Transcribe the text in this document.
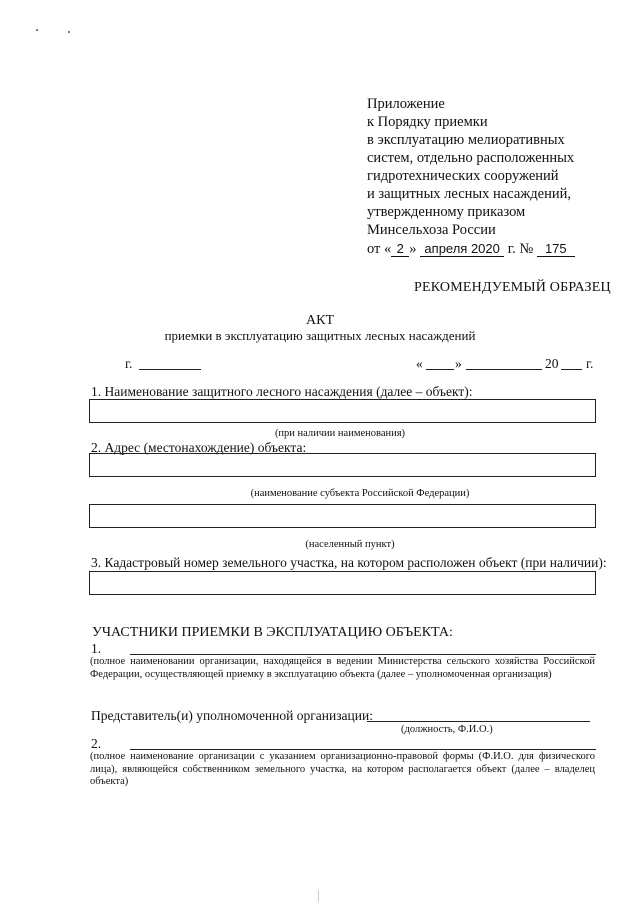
Приложение
к Порядку приемки
в эксплуатацию мелиоративных
систем, отдельно расположенных
гидротехнических сооружений
и защитных лесных насаждений,
утвержденному приказом
Минсельхоза России
от « 2 » апреля 2020 г. № 175
РЕКОМЕНДУЕМЫЙ ОБРАЗЕЦ
АКТ
приемки в эксплуатацию защитных лесных насаждений
г.	« »	20 г.
1. Наименование защитного лесного насаждения (далее – объект):
(при наличии наименования)
2. Адрес (местонахождение) объекта:
(наименование субъекта Российской Федерации)
(населенный пункт)
3. Кадастровый номер земельного участка, на котором расположен объект (при наличии):
УЧАСТНИКИ ПРИЕМКИ В ЭКСПЛУАТАЦИЮ ОБЪЕКТА:
1.
(полное наименовании организации, находящейся в ведении Министерства сельского хозяйства Российской Федерации, осуществляющей приемку в эксплуатацию объекта (далее – уполномоченная организация)
Представитель(и) уполномоченной организации:
(должность, Ф.И.О.)
2.
(полное наименование организации с указанием организационно-правовой формы (Ф.И.О. для физического лица), являющейся собственником земельного участка, на котором располагается объект (далее – владелец объекта)
